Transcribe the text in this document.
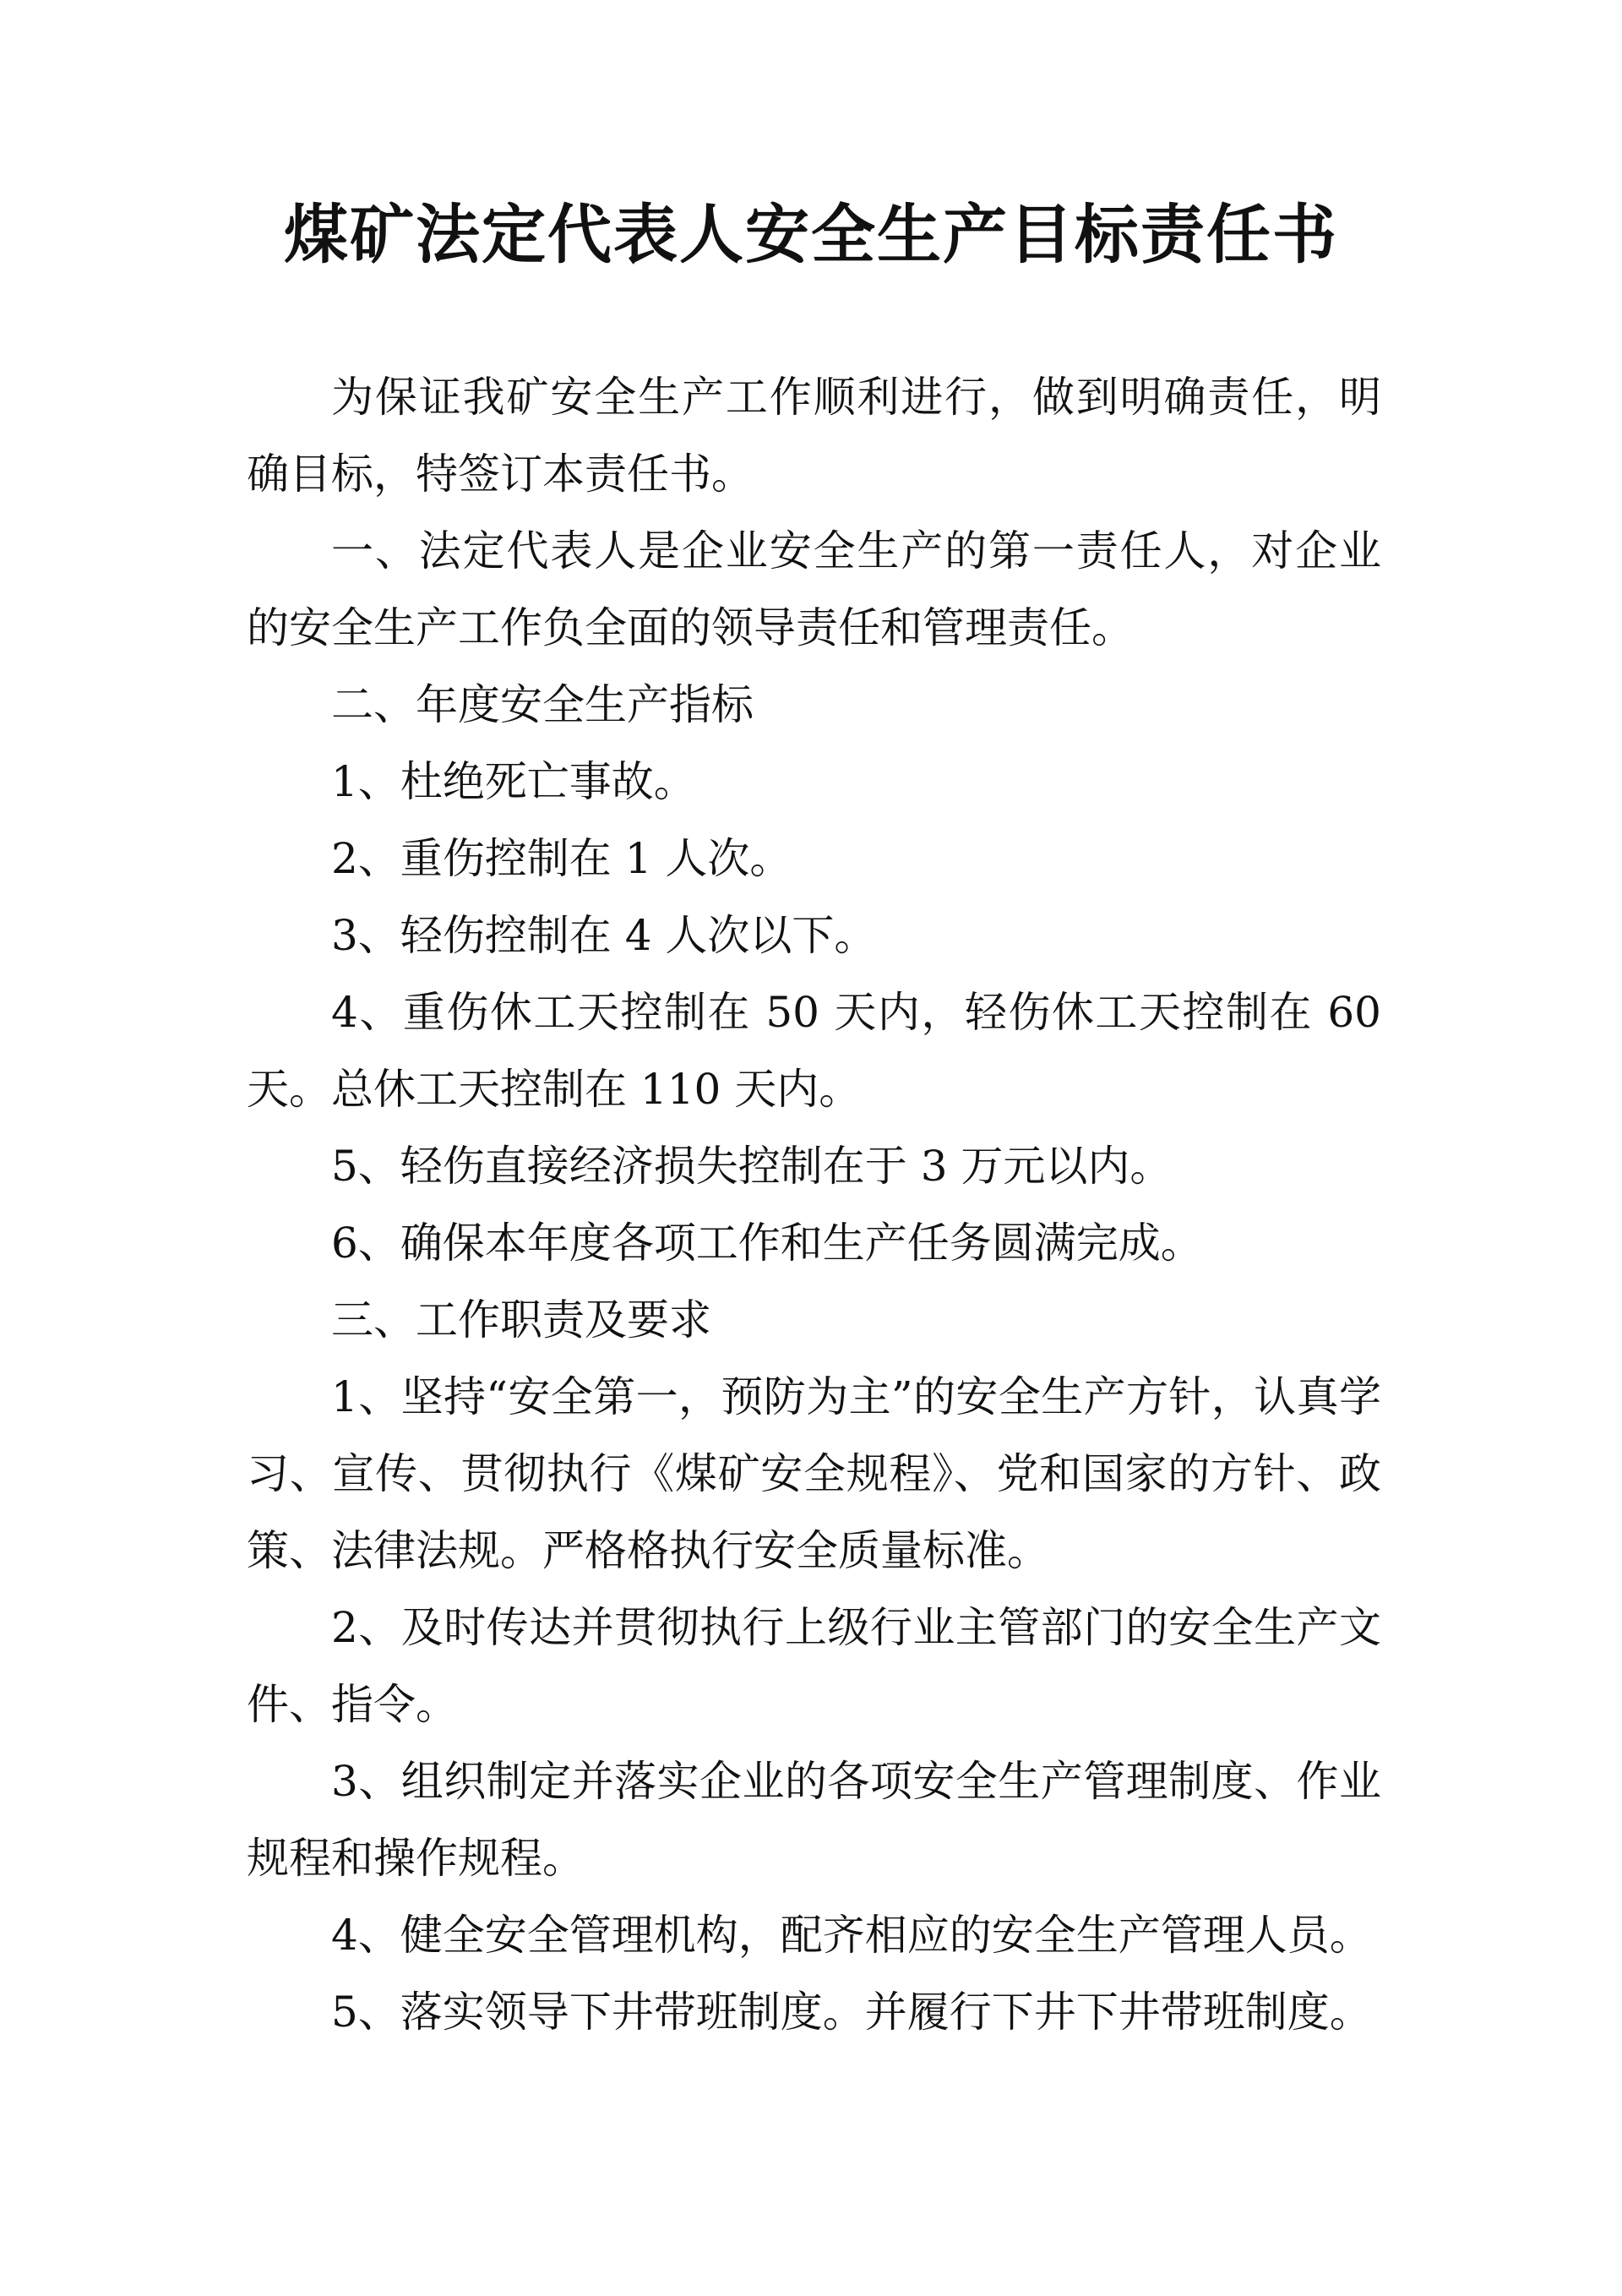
煤矿法定代表人安全生产目标责任书

为保证我矿安全生产工作顺利进行，做到明确责任，明确目标，特签订本责任书。

一、法定代表人是企业安全生产的第一责任人，对企业的安全生产工作负全面的领导责任和管理责任。

二、年度安全生产指标

1、杜绝死亡事故。

2、重伤控制在 1 人次。

3、轻伤控制在 4 人次以下。

4、重伤休工天控制在 50 天内，轻伤休工天控制在 60 天。总休工天控制在 110 天内。

5、轻伤直接经济损失控制在于 3 万元以内。

6、确保本年度各项工作和生产任务圆满完成。

三、工作职责及要求

1、坚持“安全第一，预防为主”的安全生产方针，认真学习、宣传、贯彻执行《煤矿安全规程》、党和国家的方针、政策、法律法规。严格格执行安全质量标准。

2、及时传达并贯彻执行上级行业主管部门的安全生产文件、指令。

3、组织制定并落实企业的各项安全生产管理制度、作业规程和操作规程。

4、健全安全管理机构，配齐相应的安全生产管理人员。

5、落实领导下井带班制度。并履行下井下井带班制度。
